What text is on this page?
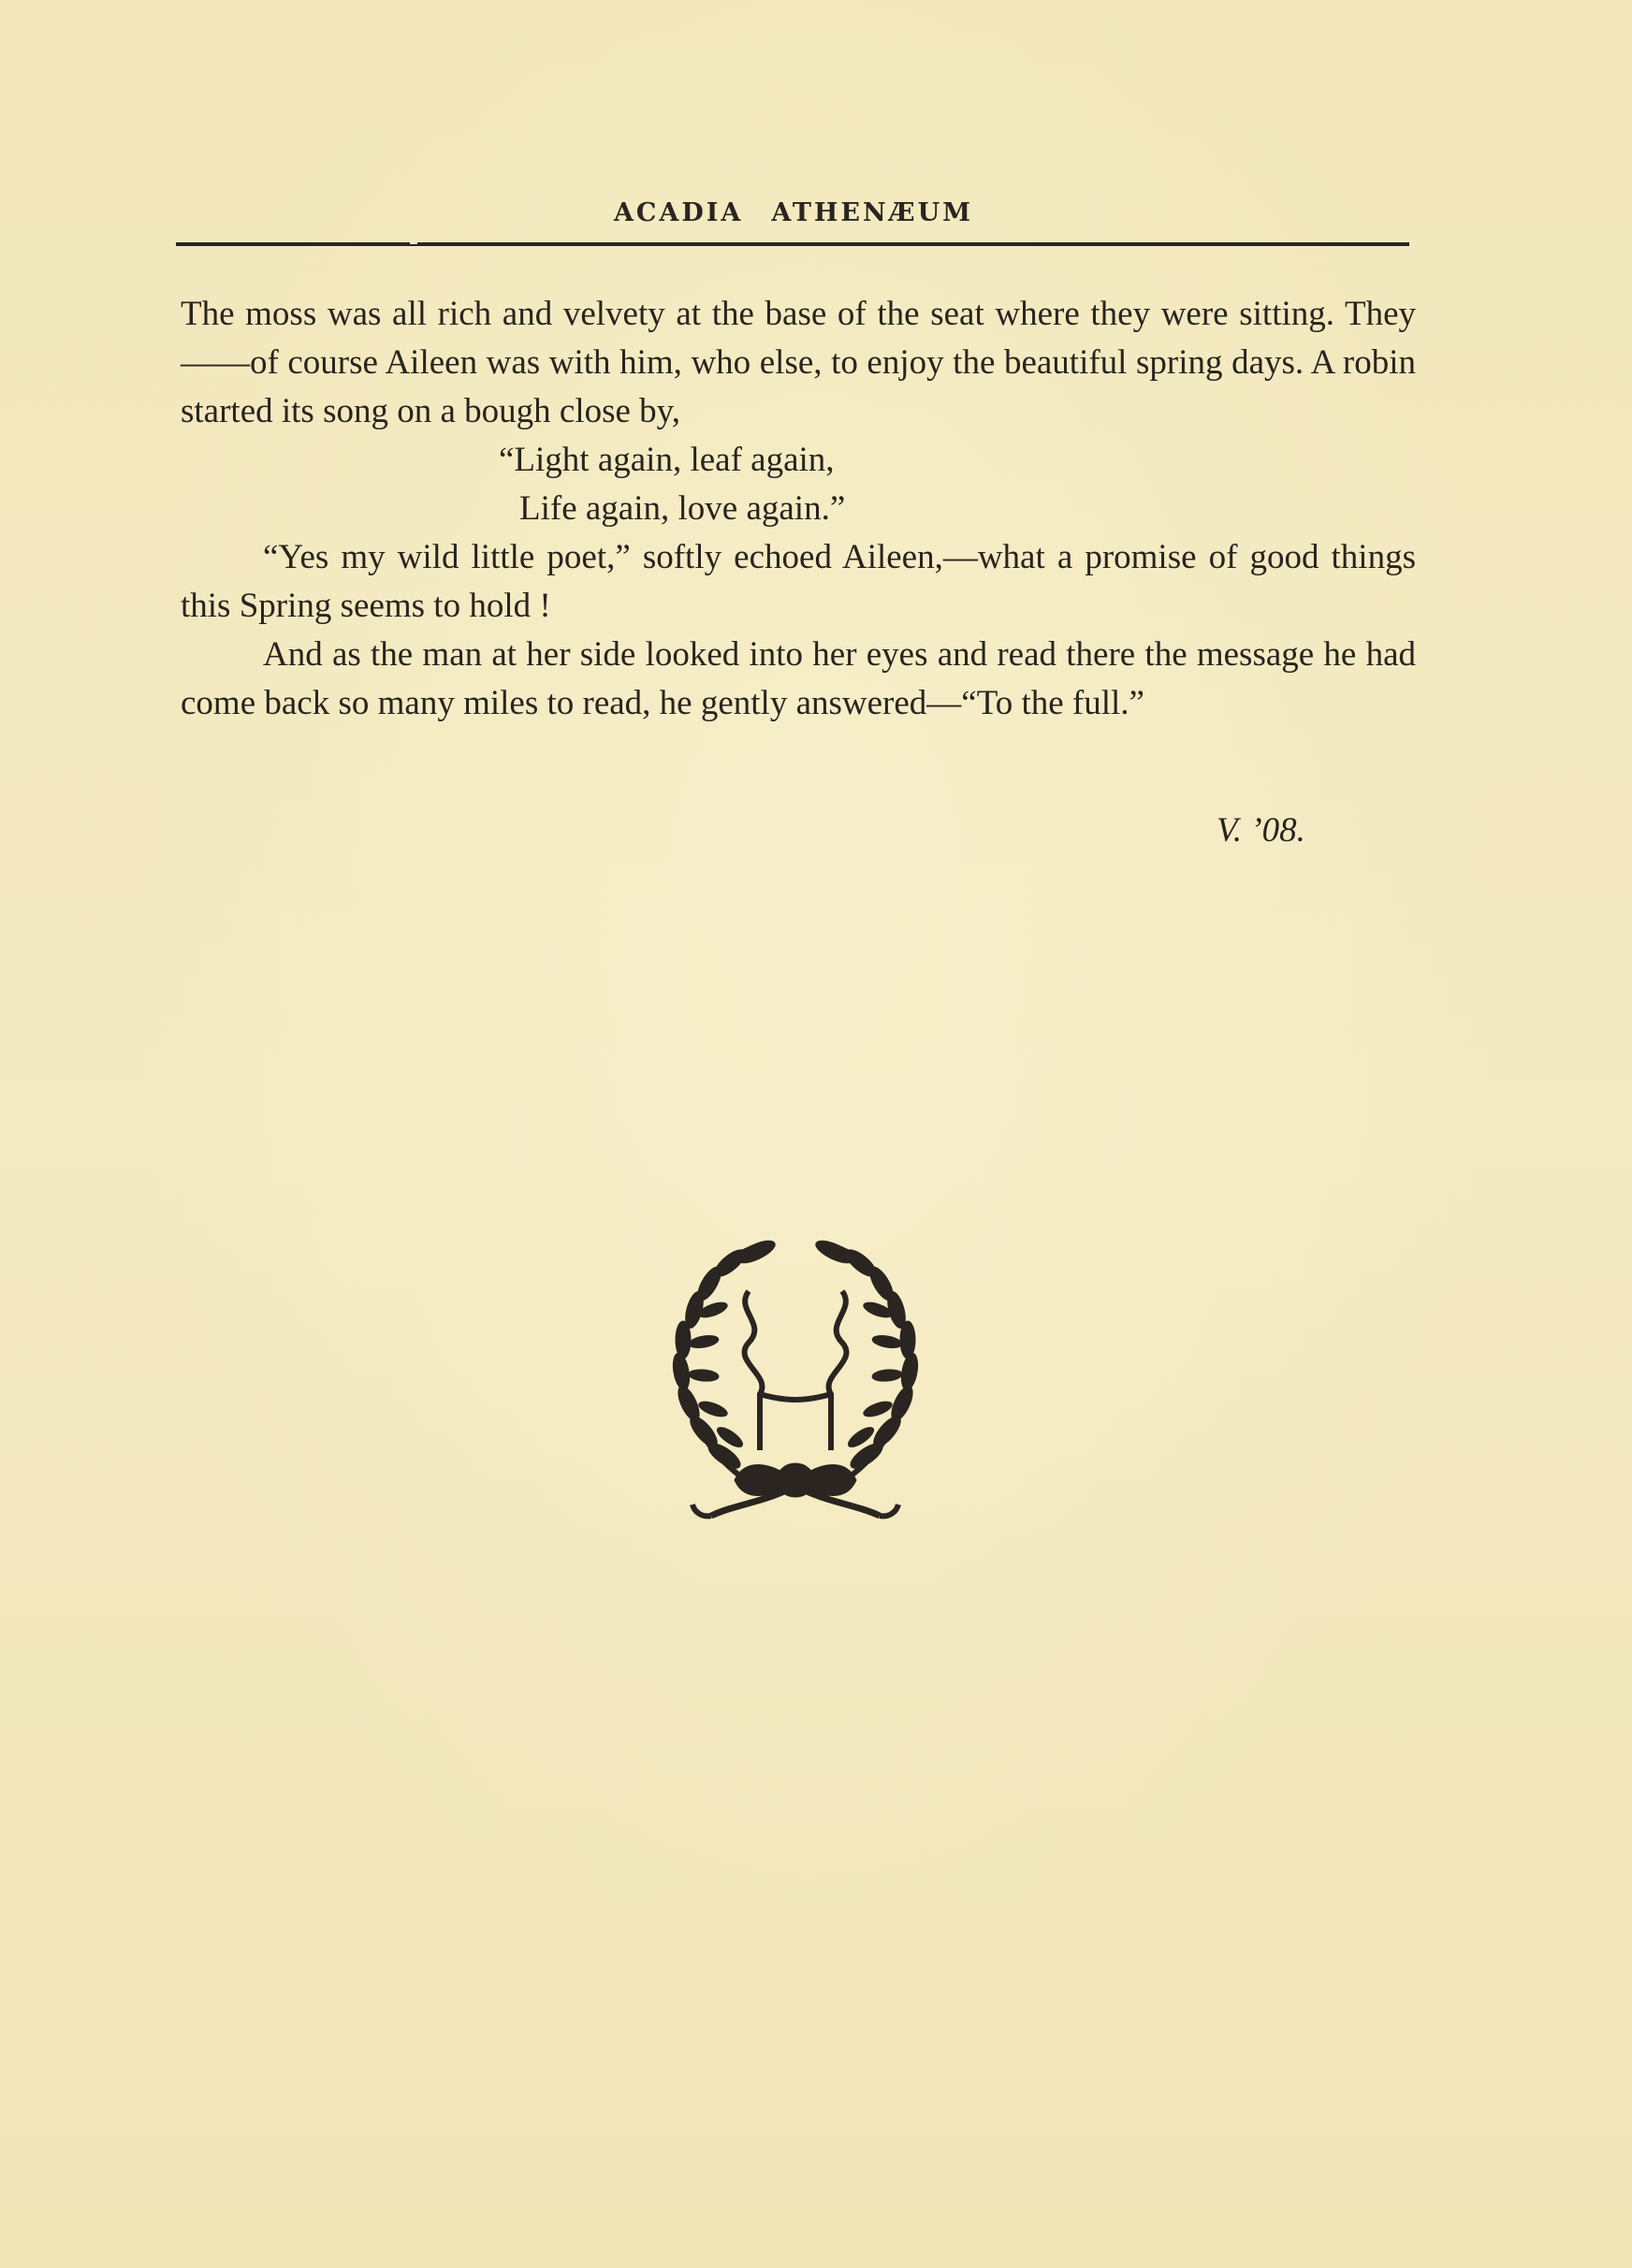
ACADIA ATHENÆUM

The moss was all rich and velvety at the base of the seat where they were sitting. They——of course Aileen was with him, who else, to enjoy the beautiful spring days. A robin started its song on a bough close by,

“Light again, leaf again,
Life again, love again.”

“Yes my wild little poet,” softly echoed Aileen,—what a promise of good things this Spring seems to hold !

And as the man at her side looked into her eyes and read there the message he had come back so many miles to read, he gently answered—“To the full.”

V. ’08.
